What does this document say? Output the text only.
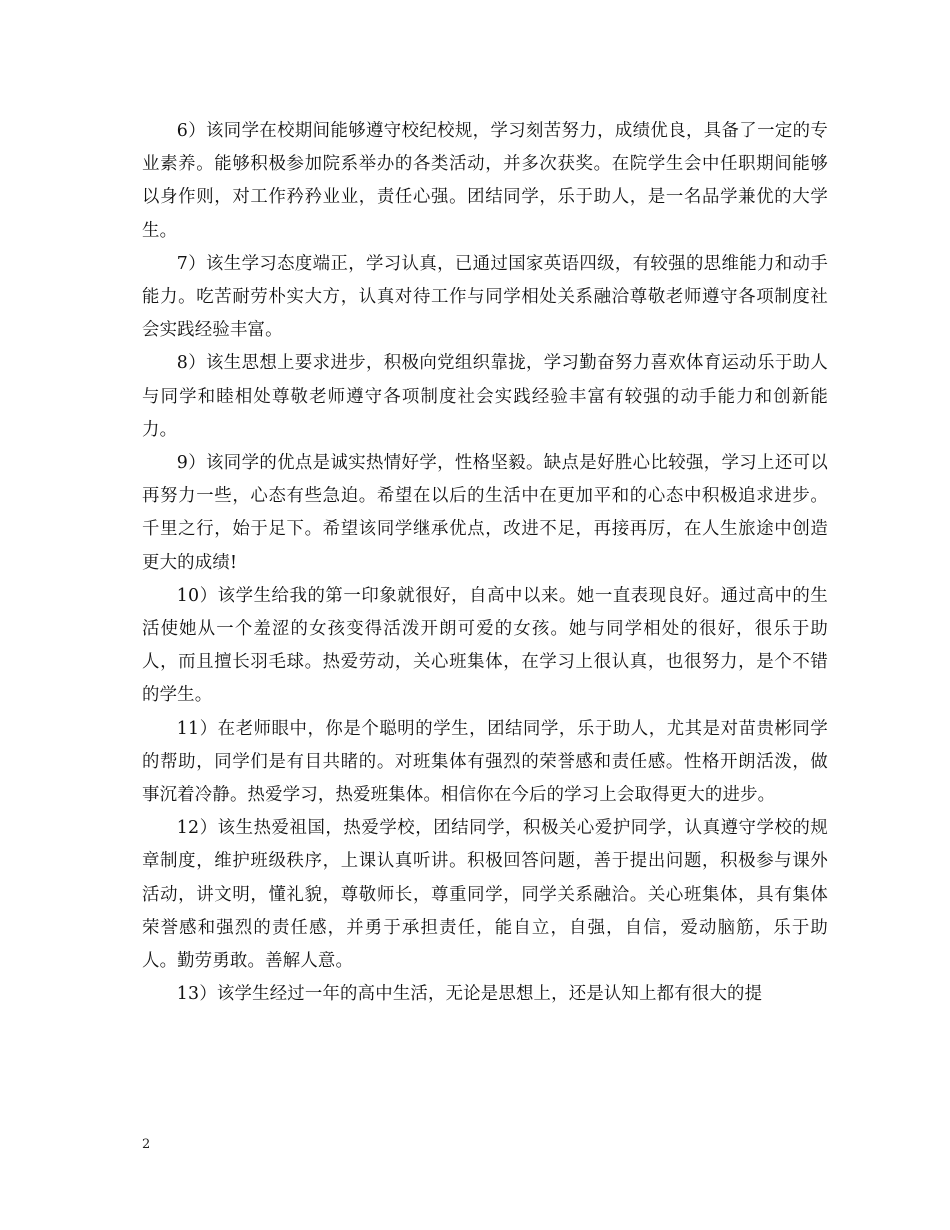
6）该同学在校期间能够遵守校纪校规，学习刻苦努力，成绩优良，具备了一定的专业素养。能够积极参加院系举办的各类活动，并多次获奖。在院学生会中任职期间能够以身作则，对工作矜矜业业，责任心强。团结同学，乐于助人，是一名品学兼优的大学生。

7）该生学习态度端正，学习认真，已通过国家英语四级，有较强的思维能力和动手能力。吃苦耐劳朴实大方，认真对待工作与同学相处关系融洽尊敬老师遵守各项制度社会实践经验丰富。

8）该生思想上要求进步，积极向党组织靠拢，学习勤奋努力喜欢体育运动乐于助人与同学和睦相处尊敬老师遵守各项制度社会实践经验丰富有较强的动手能力和创新能力。

9）该同学的优点是诚实热情好学，性格坚毅。缺点是好胜心比较强，学习上还可以再努力一些，心态有些急迫。希望在以后的生活中在更加平和的心态中积极追求进步。千里之行，始于足下。希望该同学继承优点，改进不足，再接再厉，在人生旅途中创造更大的成绩!

10）该学生给我的第一印象就很好，自高中以来。她一直表现良好。通过高中的生活使她从一个羞涩的女孩变得活泼开朗可爱的女孩。她与同学相处的很好，很乐于助人，而且擅长羽毛球。热爱劳动，关心班集体，在学习上很认真，也很努力，是个不错的学生。

11）在老师眼中，你是个聪明的学生，团结同学，乐于助人，尤其是对苗贵彬同学的帮助，同学们是有目共睹的。对班集体有强烈的荣誉感和责任感。性格开朗活泼，做事沉着冷静。热爱学习，热爱班集体。相信你在今后的学习上会取得更大的进步。

12）该生热爱祖国，热爱学校，团结同学，积极关心爱护同学，认真遵守学校的规章制度，维护班级秩序，上课认真听讲。积极回答问题，善于提出问题，积极参与课外活动，讲文明，懂礼貌，尊敬师长，尊重同学，同学关系融洽。关心班集体，具有集体荣誉感和强烈的责任感，并勇于承担责任，能自立，自强，自信，爱动脑筋，乐于助人。勤劳勇敢。善解人意。

13）该学生经过一年的高中生活，无论是思想上，还是认知上都有很大的提

2
